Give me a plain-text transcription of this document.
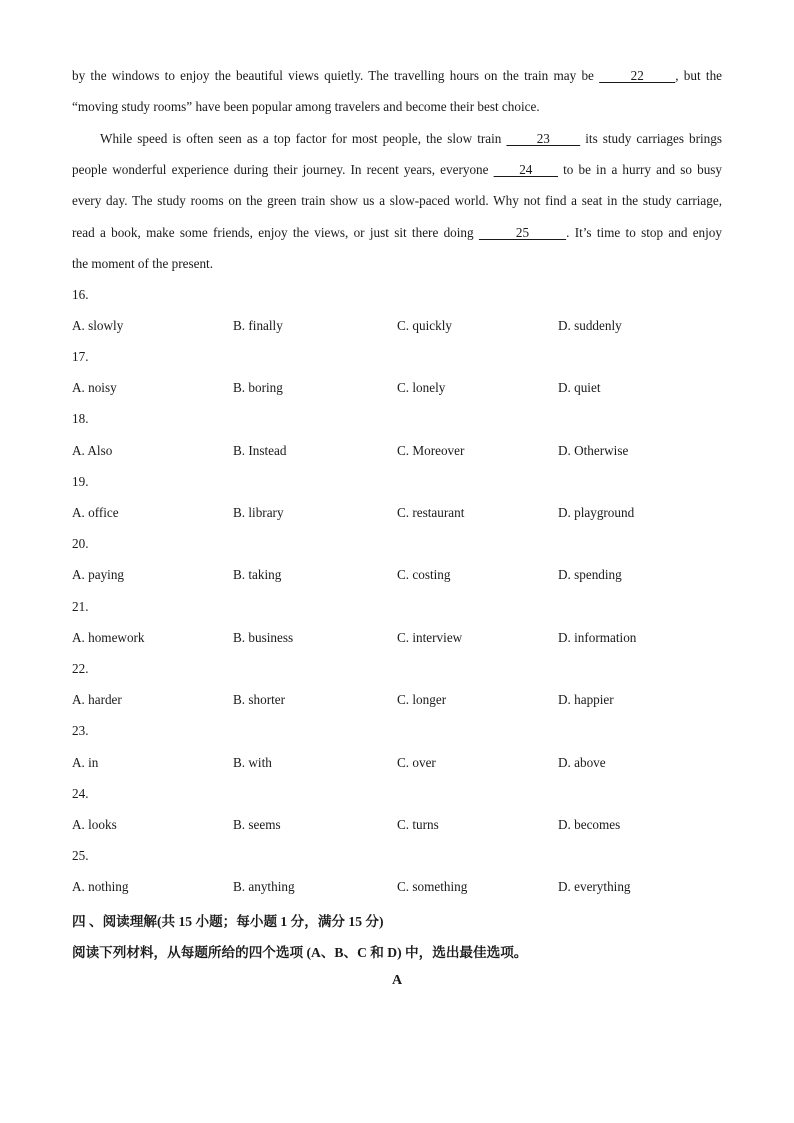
by the windows to enjoy the beautiful views quietly. The travelling hours on the train may be       22      , but the
“moving study rooms” have been popular among travelers and become their best choice.
While speed is often seen as a top factor for most people, the slow train       23       its study carriages brings
people wonderful experience during their journey. In recent years, everyone      24      to be in a hurry and so busy
every day. The study rooms on the green train show us a slow-paced world. Why not find a seat in the study carriage,
read a book, make some friends, enjoy the views, or just sit there doing        25       . It’s time to stop and enjoy
the moment of the present.
16.
A. slowly	B. finally	C. quickly	D. suddenly
17.
A. noisy	B. boring	C. lonely	D. quiet
18.
A. Also	B. Instead	C. Moreover	D. Otherwise
19.
A. office	B. library	C. restaurant	D. playground
20.
A. paying	B. taking	C. costing	D. spending
21.
A. homework	B. business	C. interview	D. information
22.
A. harder	B. shorter	C. longer	D. happier
23.
A. in	B. with	C. over	D. above
24.
A. looks	B. seems	C. turns	D. becomes
25.
A. nothing	B. anything	C. something	D. everything
四 、阅读理解(共 15 小题；每小题 1 分，满分 15 分)
阅读下列材料，从每题所给的四个选项 (A、B、C 和 D) 中，选出最佳选项。
A
